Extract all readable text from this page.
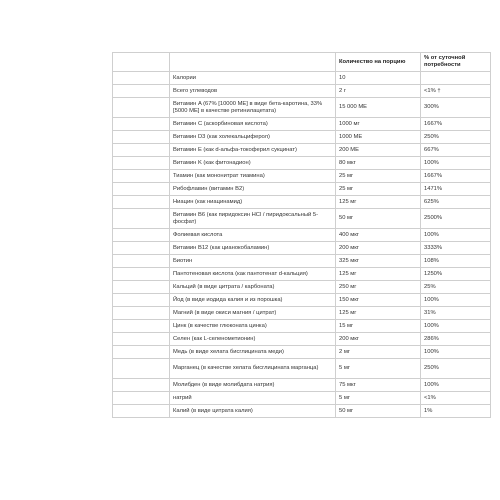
		Количество на порцию	% от суточной потребности
	Калории	10	
	Всего углеводов	2 г	<1% †
	Витамин A (67% [10000 МЕ] в виде бета-каротина, 33% [5000 МЕ] в качестве ретинилацетата)	15 000 МЕ	300%
	Витамин C (аскорбиновая кислота)	1000 мг	1667%
	Витамин D3 (как холекальциферол)	1000 МЕ	250%
	Витамин E (как d-альфа-токоферил сукцинат)	200 МЕ	667%
	Витамин K (как фитонадион)	80 мкг	100%
	Тиамин (как мононитрат тиамина)	25 мг	1667%
	Рибофлавин (витамин B2)	25 мг	1471%
	Ниацин (как ниацинамид)	125 мг	625%
	Витамин B6 (как пиридоксин HCl / пиридоксальный 5-фосфат)	50 мг	2500%
	Фолиевая кислота	400 мкг	100%
	Витамин B12 (как цианокобаламин)	200 мкг	3333%
	Биотин	325 мкг	108%
	Пантотеновая кислота (как пантотенат d-кальция)	125 мг	1250%
	Кальций (в виде цитрата / карбоната)	250 мг	25%
	Йод (в виде иодида калия и из порошка)	150 мкг	100%
	Магний (в виде окиси магния / цитрат)	125 мг	31%
	Цинк (в качестве глюконата цинка)	15 мг	100%
	Селен (как L-селенометионин)	200 мкг	286%
	Медь (в виде хелата бисглицината меди)	2 мг	100%
	Марганец (в качестве хелата бисглицината марганца)	5 мг	250%
	Молибден (в виде молибдата натрия)	75 мкг	100%
	натрий	5 мг	<1%
	Калий (в виде цитрата калия)	50 мг	1%
